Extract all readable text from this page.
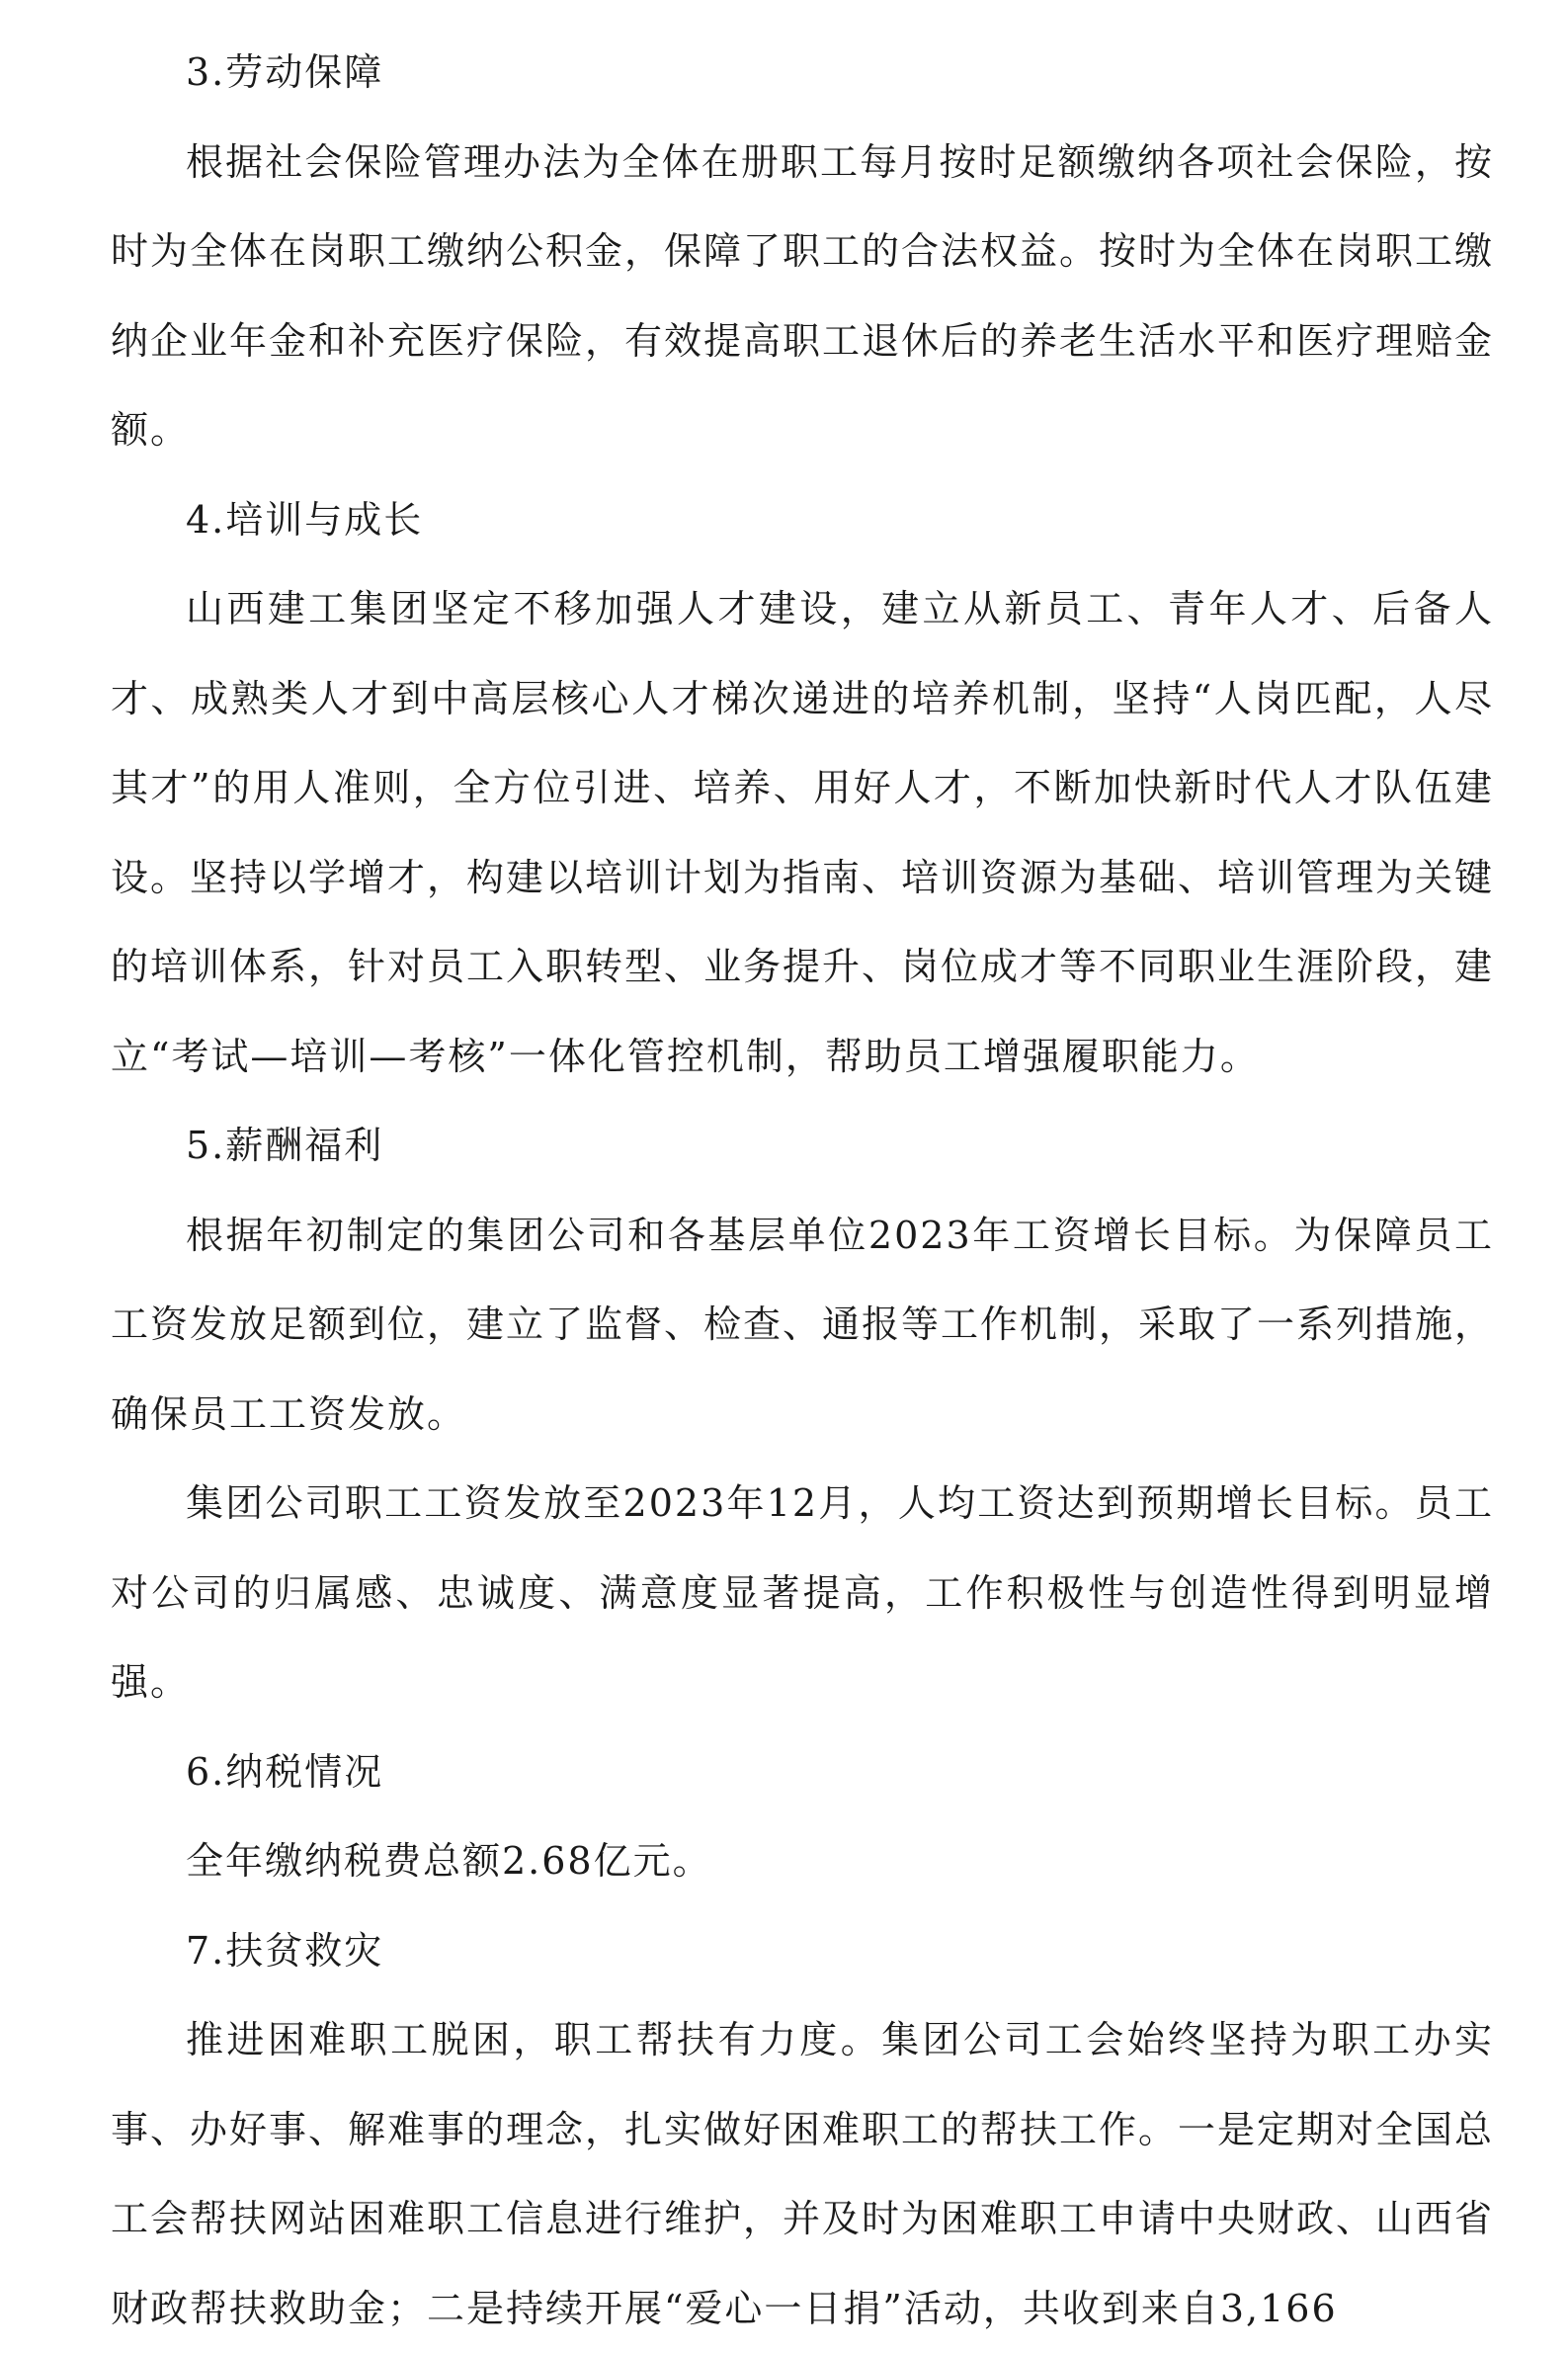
3.劳动保障

根据社会保险管理办法为全体在册职工每月按时足额缴纳各项社会保险，按时为全体在岗职工缴纳公积金，保障了职工的合法权益。按时为全体在岗职工缴纳企业年金和补充医疗保险，有效提高职工退休后的养老生活水平和医疗理赔金额。

4.培训与成长

山西建工集团坚定不移加强人才建设，建立从新员工、青年人才、后备人才、成熟类人才到中高层核心人才梯次递进的培养机制，坚持“人岗匹配，人尽其才”的用人准则，全方位引进、培养、用好人才，不断加快新时代人才队伍建设。坚持以学增才，构建以培训计划为指南、培训资源为基础、培训管理为关键的培训体系，针对员工入职转型、业务提升、岗位成才等不同职业生涯阶段，建立“考试—培训—考核”一体化管控机制，帮助员工增强履职能力。

5.薪酬福利

根据年初制定的集团公司和各基层单位2023年工资增长目标。为保障员工工资发放足额到位，建立了监督、检查、通报等工作机制，采取了一系列措施，确保员工工资发放。

集团公司职工工资发放至2023年12月，人均工资达到预期增长目标。员工对公司的归属感、忠诚度、满意度显著提高，工作积极性与创造性得到明显增强。

6.纳税情况

全年缴纳税费总额2.68亿元。

7.扶贫救灾

推进困难职工脱困，职工帮扶有力度。集团公司工会始终坚持为职工办实事、办好事、解难事的理念，扎实做好困难职工的帮扶工作。一是定期对全国总工会帮扶网站困难职工信息进行维护，并及时为困难职工申请中央财政、山西省财政帮扶救助金；二是持续开展“爱心一日捐”活动，共收到来自3,166
